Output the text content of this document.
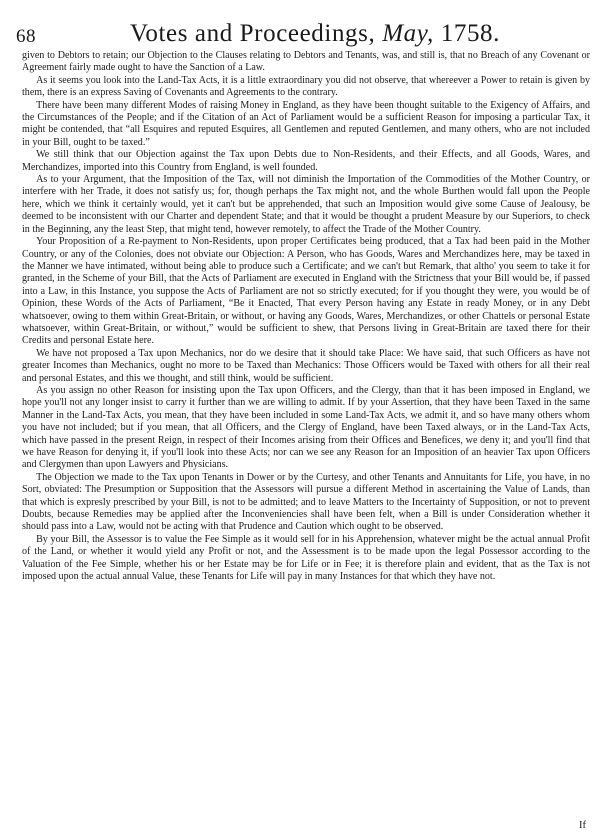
68	Votes and Proceedings, May, 1758.

given to Debtors to retain; our Objection to the Clauses relating to Debtors and Tenants, was, and still is, that no Breach of any Covenant or Agreement fairly made ought to have the Sanction of a Law.

As it seems you look into the Land-Tax Acts, it is a little extraordinary you did not observe, that whereever a Power to retain is given by them, there is an express Saving of Covenants and Agreements to the contrary.

There have been many different Modes of raising Money in England, as they have been thought suitable to the Exigency of Affairs, and the Circumstances of the People; and if the Citation of an Act of Parliament would be a sufficient Reason for imposing a particular Tax, it might be contended, that “all Esquires and reputed Esquires, all Gentlemen and reputed Gentlemen, and many others, who are not included in your Bill, ought to be taxed.”

We still think that our Objection against the Tax upon Debts due to Non-Residents, and their Effects, and all Goods, Wares, and Merchandizes, imported into this Country from England, is well founded.

As to your Argument, that the Imposition of the Tax, will not diminish the Importation of the Commodities of the Mother Country, or interfere with her Trade, it does not satisfy us; for, though perhaps the Tax might not, and the whole Burthen would fall upon the People here, which we think it certainly would, yet it can't but be apprehended, that such an Imposition would give some Cause of Jealousy, be deemed to be inconsistent with our Charter and dependent State; and that it would be thought a prudent Measure by our Superiors, to check in the Beginning, any the least Step, that might tend, however remotely, to affect the Trade of the Mother Country.

Your Proposition of a Re-payment to Non-Residents, upon proper Certificates being produced, that a Tax had been paid in the Mother Country, or any of the Colonies, does not obviate our Objection: A Person, who has Goods, Wares and Merchandizes here, may be taxed in the Manner we have intimated, without being able to produce such a Certificate; and we can't but Remark, that altho' you seem to take it for granted, in the Scheme of your Bill, that the Acts of Parliament are executed in England with the Strictness that your Bill would be, if passed into a Law, in this Instance, you suppose the Acts of Parliament are not so strictly executed; for if you thought they were, you would be of Opinion, these Words of the Acts of Parliament, “Be it Enacted, That every Person having any Estate in ready Money, or in any Debt whatsoever, owing to them within Great-Britain, or without, or having any Goods, Wares, Merchandizes, or other Chattels or personal Estate whatsoever, within Great-Britain, or without,” would be sufficient to shew, that Persons living in Great-Britain are taxed there for their Credits and personal Estate here.

We have not proposed a Tax upon Mechanics, nor do we desire that it should take Place: We have said, that such Officers as have not greater Incomes than Mechanics, ought no more to be Taxed than Mechanics: Those Officers would be Taxed with others for all their real and personal Estates, and this we thought, and still think, would be sufficient.

As you assign no other Reason for insisting upon the Tax upon Officers, and the Clergy, than that it has been imposed in England, we hope you'll not any longer insist to carry it further than we are willing to admit. If by your Assertion, that they have been Taxed in the same Manner in the Land-Tax Acts, you mean, that they have been included in some Land-Tax Acts, we admit it, and so have many others whom you have not included; but if you mean, that all Officers, and the Clergy of England, have been Taxed always, or in the Land-Tax Acts, which have passed in the present Reign, in respect of their Incomes arising from their Offices and Benefices, we deny it; and you'll find that we have Reason for denying it, if you'll look into these Acts; nor can we see any Reason for an Imposition of an heavier Tax upon Officers and Clergymen than upon Lawyers and Physicians.

The Objection we made to the Tax upon Tenants in Dower or by the Curtesy, and other Tenants and Annuitants for Life, you have, in no Sort, obviated: The Presumption or Supposition that the Assessors will pursue a different Method in ascertaining the Value of Lands, than that which is expresly prescribed by your Bill, is not to be admitted; and to leave Matters to the Incertainty of Supposition, or not to prevent Doubts, because Remedies may be applied after the Inconveniencies shall have been felt, when a Bill is under Consideration whether it should pass into a Law, would not be acting with that Prudence and Caution which ought to be observed.

By your Bill, the Assessor is to value the Fee Simple as it would sell for in his Apprehension, whatever might be the actual annual Profit of the Land, or whether it would yield any Profit or not, and the Assessment is to be made upon the legal Possessor according to the Valuation of the Fee Simple, whether his or her Estate may be for Life or in Fee; it is therefore plain and evident, that as the Tax is not imposed upon the actual annual Value, these Tenants for Life will pay in many Instances for that which they have not.

If
